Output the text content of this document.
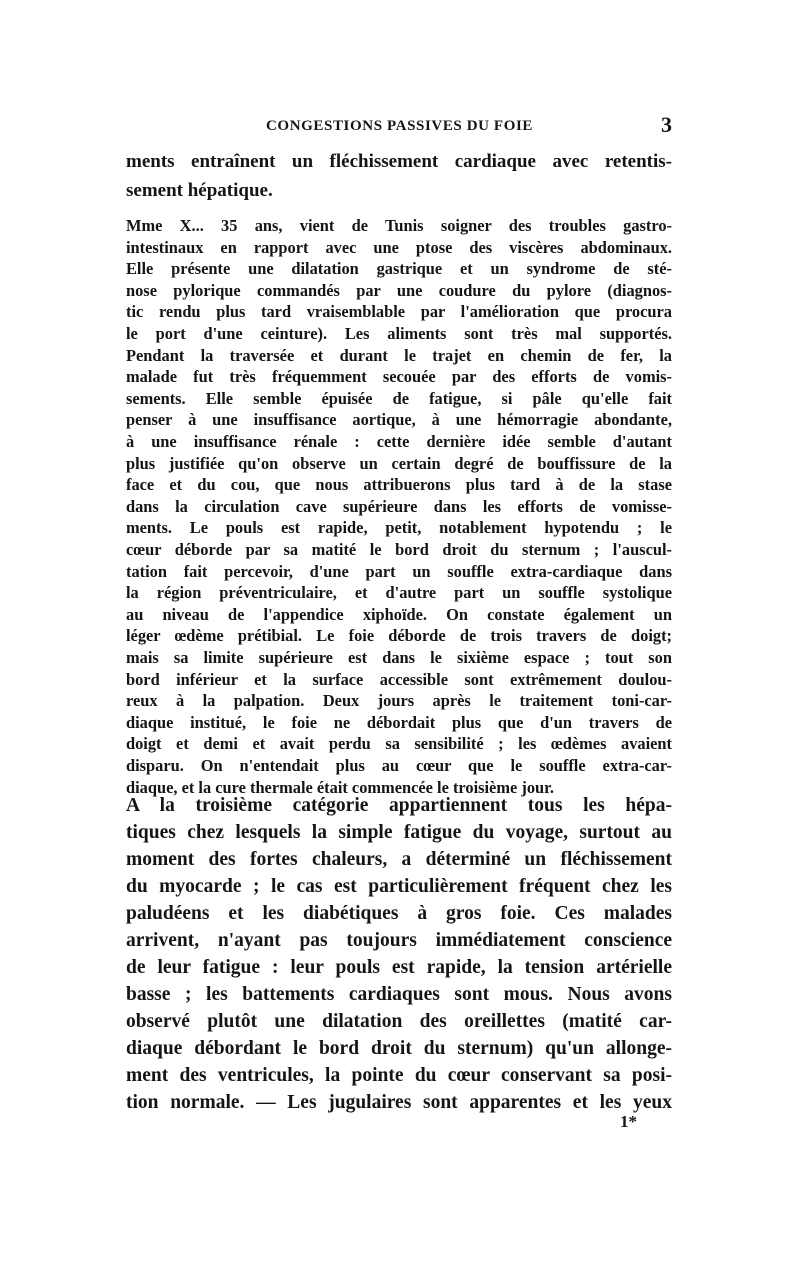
CONGESTIONS PASSIVES DU FOIE	3
ments entraînent un fléchissement cardiaque avec retentis-
sement hépatique.
Mme X... 35 ans, vient de Tunis soigner des troubles gastro-
intestinaux en rapport avec une ptose des viscères abdominaux.
Elle présente une dilatation gastrique et un syndrome de sté-
nose pylorique commandés par une coudure du pylore (diagnos-
tic rendu plus tard vraisemblable par l'amélioration que procura
le port d'une ceinture). Les aliments sont très mal supportés.
Pendant la traversée et durant le trajet en chemin de fer, la
malade fut très fréquemment secouée par des efforts de vomis-
sements. Elle semble épuisée de fatigue, si pâle qu'elle fait
penser à une insuffisance aortique, à une hémorragie abondante,
à une insuffisance rénale : cette dernière idée semble d'autant
plus justifiée qu'on observe un certain degré de bouffissure de la
face et du cou, que nous attribuerons plus tard à de la stase
dans la circulation cave supérieure dans les efforts de vomisse-
ments. Le pouls est rapide, petit, notablement hypotendu ; le
cœur déborde par sa matité le bord droit du sternum ; l'auscul-
tation fait percevoir, d'une part un souffle extra-cardiaque dans
la région préventriculaire, et d'autre part un souffle systolique
au niveau de l'appendice xiphoïde. On constate également un
léger œdème prétibial. Le foie déborde de trois travers de doigt;
mais sa limite supérieure est dans le sixième espace ; tout son
bord inférieur et la surface accessible sont extrêmement doulou-
reux à la palpation. Deux jours après le traitement toni-car-
diaque institué, le foie ne débordait plus que d'un travers de
doigt et demi et avait perdu sa sensibilité ; les œdèmes avaient
disparu. On n'entendait plus au cœur que le souffle extra-car-
diaque, et la cure thermale était commencée le troisième jour.
A la troisième catégorie appartiennent tous les hépa-
tiques chez lesquels la simple fatigue du voyage, surtout au
moment des fortes chaleurs, a déterminé un fléchissement
du myocarde ; le cas est particulièrement fréquent chez les
paludéens et les diabétiques à gros foie. Ces malades
arrivent, n'ayant pas toujours immédiatement conscience
de leur fatigue : leur pouls est rapide, la tension artérielle
basse ; les battements cardiaques sont mous. Nous avons
observé plutôt une dilatation des oreillettes (matité car-
diaque débordant le bord droit du sternum) qu'un allonge-
ment des ventricules, la pointe du cœur conservant sa posi-
tion normale. — Les jugulaires sont apparentes et les yeux
1*
